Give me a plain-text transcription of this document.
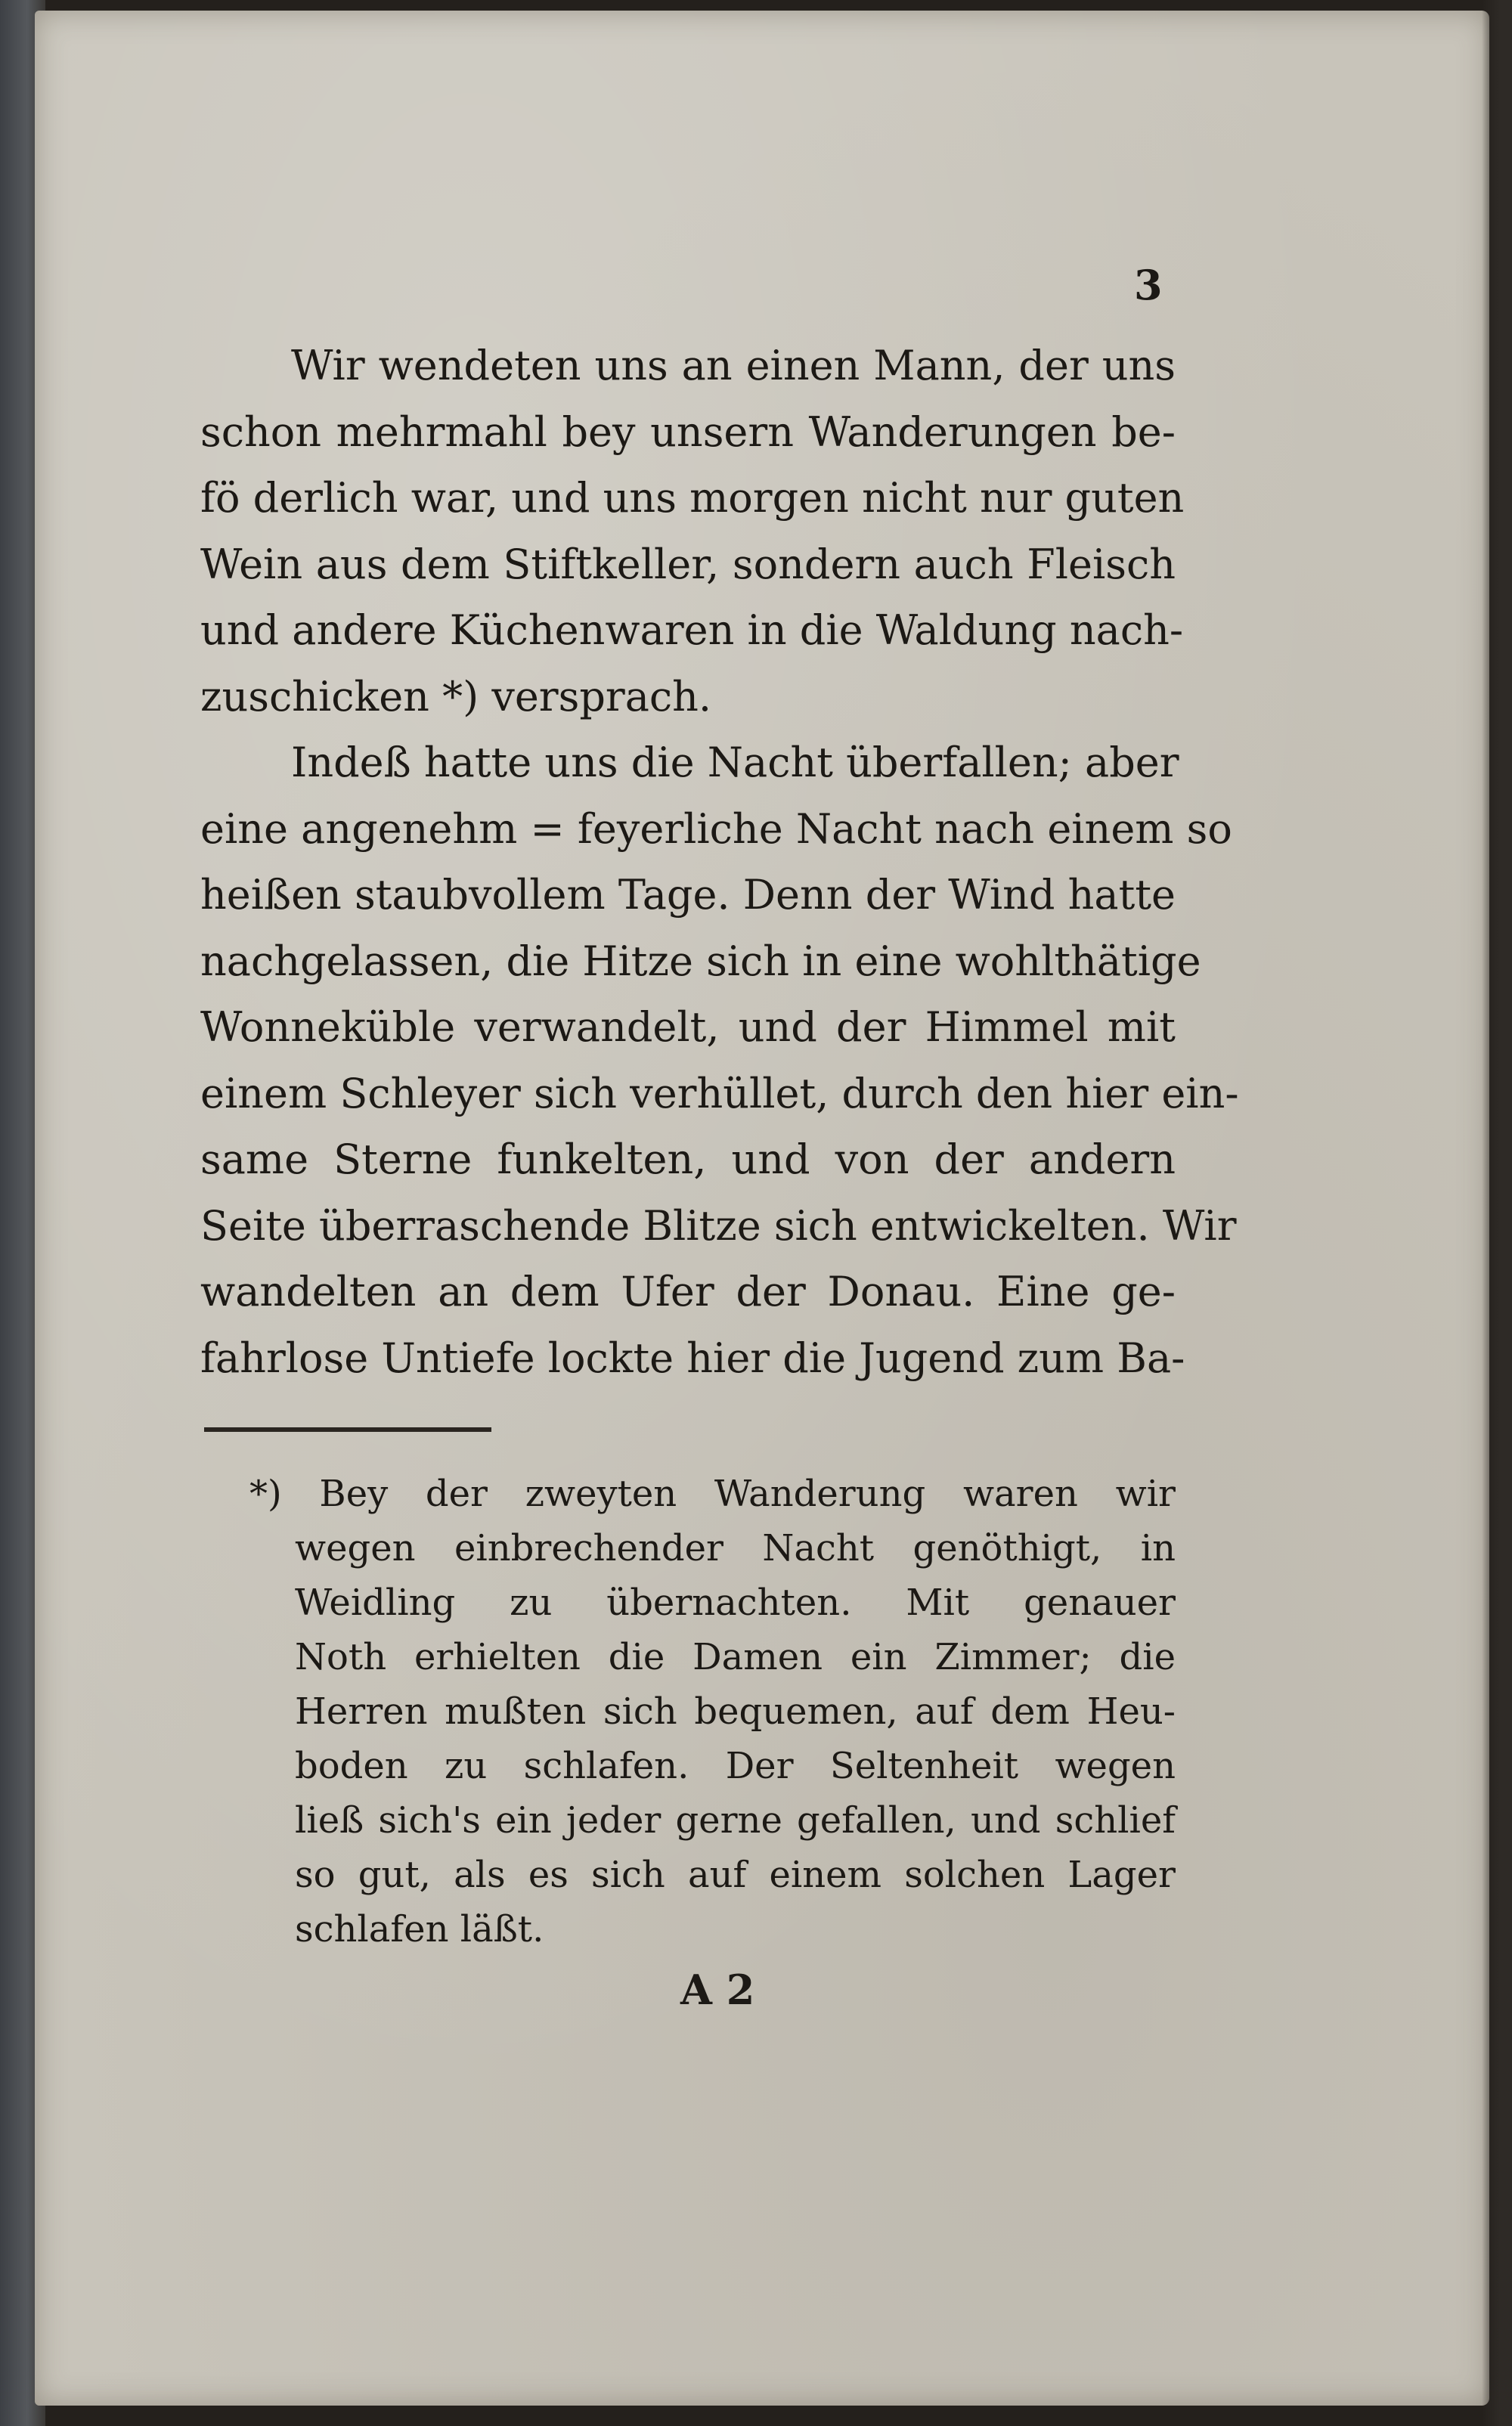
3
Wir wendeten uns an einen Mann, der uns
schon mehrmahl bey unsern Wanderungen be-
fö derlich war, und uns morgen nicht nur guten
Wein aus dem Stiftkeller, sondern auch Fleisch
und andere Küchenwaren in die Waldung nach-
zuschicken *) versprach.
Indeß hatte uns die Nacht überfallen; aber
eine angenehm = feyerliche Nacht nach einem so
heißen staubvollem Tage. Denn der Wind hatte
nachgelassen, die Hitze sich in eine wohlthätige
Wonneküble verwandelt, und der Himmel mit
einem Schleyer sich verhüllet, durch den hier ein-
same Sterne funkelten, und von der andern
Seite überraschende Blitze sich entwickelten. Wir
wandelten an dem Ufer der Donau. Eine ge-
fahrlose Untiefe lockte hier die Jugend zum Ba-
*) Bey der zweyten Wanderung waren wir
wegen einbrechender Nacht genöthigt, in
Weidling zu übernachten. Mit genauer
Noth erhielten die Damen ein Zimmer; die
Herren mußten sich bequemen, auf dem Heu-
boden zu schlafen. Der Seltenheit wegen
ließ sich's ein jeder gerne gefallen, und schlief
so gut, als es sich auf einem solchen Lager
schlafen läßt.
A 2
